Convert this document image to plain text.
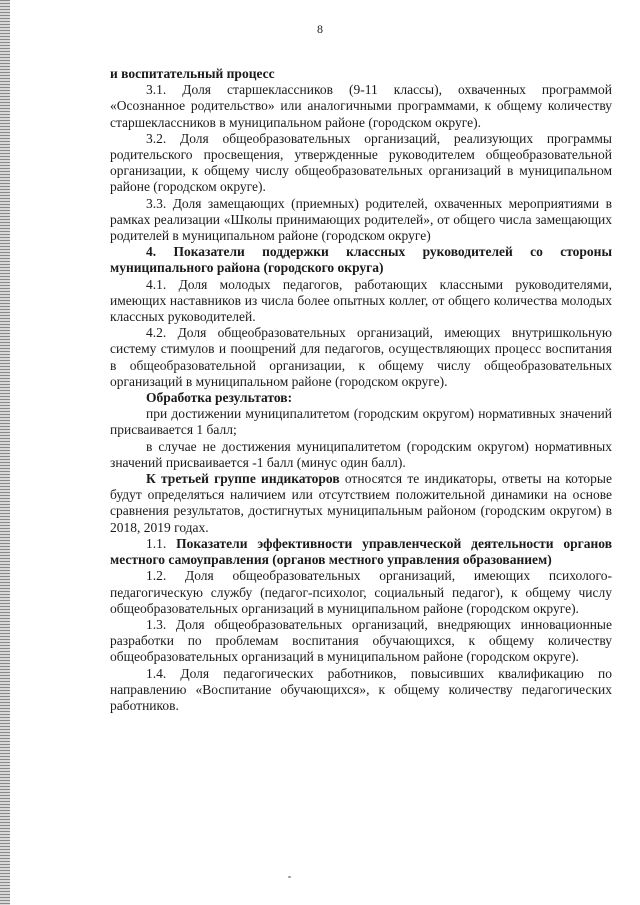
8

и воспитательный процесс

3.1. Доля старшеклассников (9-11 классы), охваченных программой «Осознанное родительство» или аналогичными программами, к общему количеству старшеклассников в муниципальном районе (городском округе).

3.2. Доля общеобразовательных организаций, реализующих программы родительского просвещения, утвержденные руководителем общеобразовательной организации, к общему числу общеобразовательных организаций в муниципальном районе (городском округе).

3.3. Доля замещающих (приемных) родителей, охваченных мероприятиями в рамках реализации «Школы принимающих родителей», от общего числа замещающих родителей в муниципальном районе (городском округе)

4. Показатели поддержки классных руководителей со стороны муниципального района (городского округа)

4.1. Доля молодых педагогов, работающих классными руководителями, имеющих наставников из числа более опытных коллег, от общего количества молодых классных руководителей.

4.2. Доля общеобразовательных организаций, имеющих внутришкольную систему стимулов и поощрений для педагогов, осуществляющих процесс воспитания в общеобразовательной организации, к общему числу общеобразовательных организаций в муниципальном районе (городском округе).

Обработка результатов:

при достижении муниципалитетом (городским округом) нормативных значений присваивается 1 балл;

в случае не достижения муниципалитетом (городским округом) нормативных значений присваивается -1 балл (минус один балл).

К третьей группе индикаторов относятся те индикаторы, ответы на которые будут определяться наличием или отсутствием положительной динамики на основе сравнения результатов, достигнутых муниципальным районом (городским округом) в 2018, 2019 годах.

1.1. Показатели эффективности управленческой деятельности органов местного самоуправления (органов местного управления образованием)

1.2. Доля общеобразовательных организаций, имеющих психолого-педагогическую службу (педагог-психолог, социальный педагог), к общему числу общеобразовательных организаций в муниципальном районе (городском округе).

1.3. Доля общеобразовательных организаций, внедряющих инновационные разработки по проблемам воспитания обучающихся, к общему количеству общеобразовательных организаций в муниципальном районе (городском округе).

1.4. Доля педагогических работников, повысивших квалификацию по направлению «Воспитание обучающихся», к общему количеству педагогических работников.
